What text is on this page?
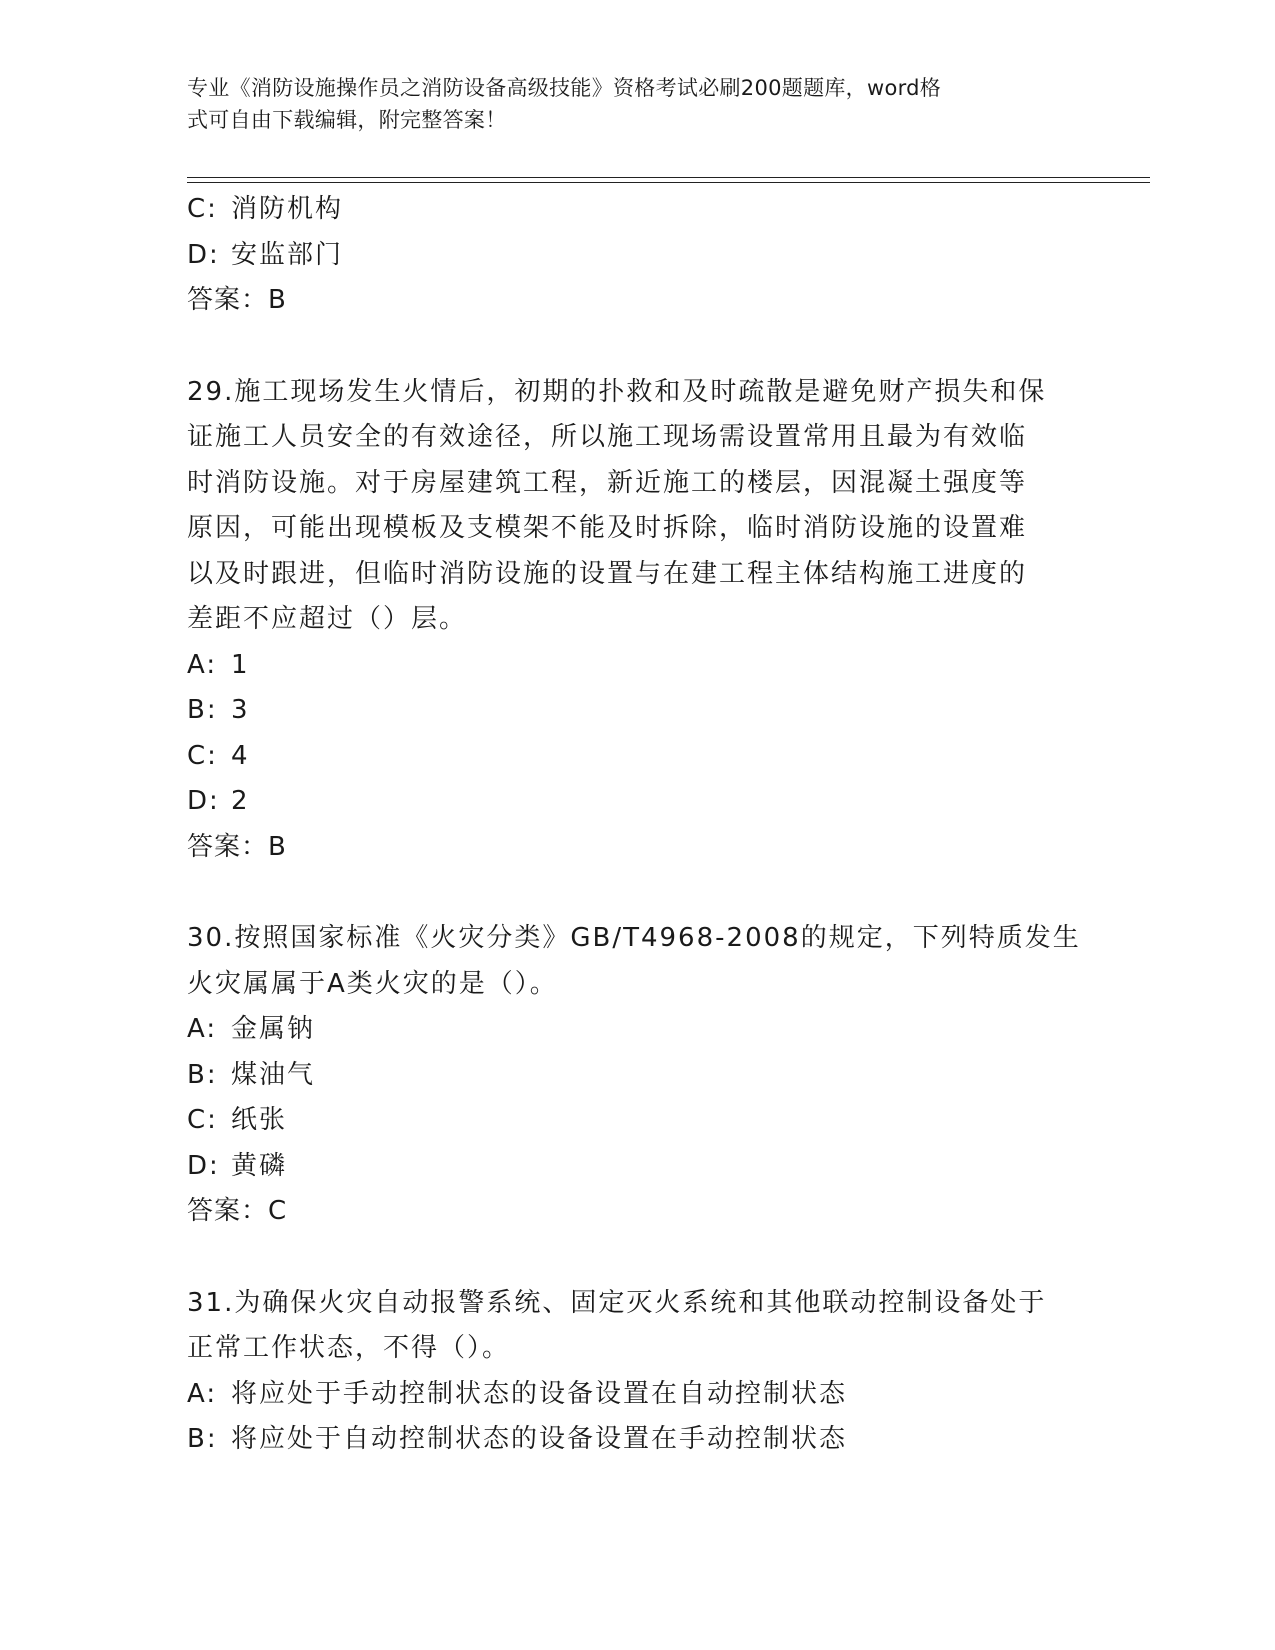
专业《消防设施操作员之消防设备高级技能》资格考试必刷200题题库，word格
式可自由下载编辑，附完整答案！
C: 消防机构
D: 安监部门
答案：B
29.施工现场发生火情后，初期的扑救和及时疏散是避免财产损失和保
证施工人员安全的有效途径，所以施工现场需设置常用且最为有效临
时消防设施。对于房屋建筑工程，新近施工的楼层，因混凝土强度等
原因，可能出现模板及支模架不能及时拆除，临时消防设施的设置难
以及时跟进，但临时消防设施的设置与在建工程主体结构施工进度的
差距不应超过（）层。
A: 1
B: 3
C: 4
D: 2
答案：B
30.按照国家标准《火灾分类》GB/T4968-2008的规定，下列特质发生
火灾属属于A类火灾的是（）。
A: 金属钠
B: 煤油气
C: 纸张
D: 黄磷
答案：C
31.为确保火灾自动报警系统、固定灭火系统和其他联动控制设备处于
正常工作状态，不得（）。
A: 将应处于手动控制状态的设备设置在自动控制状态
B: 将应处于自动控制状态的设备设置在手动控制状态
